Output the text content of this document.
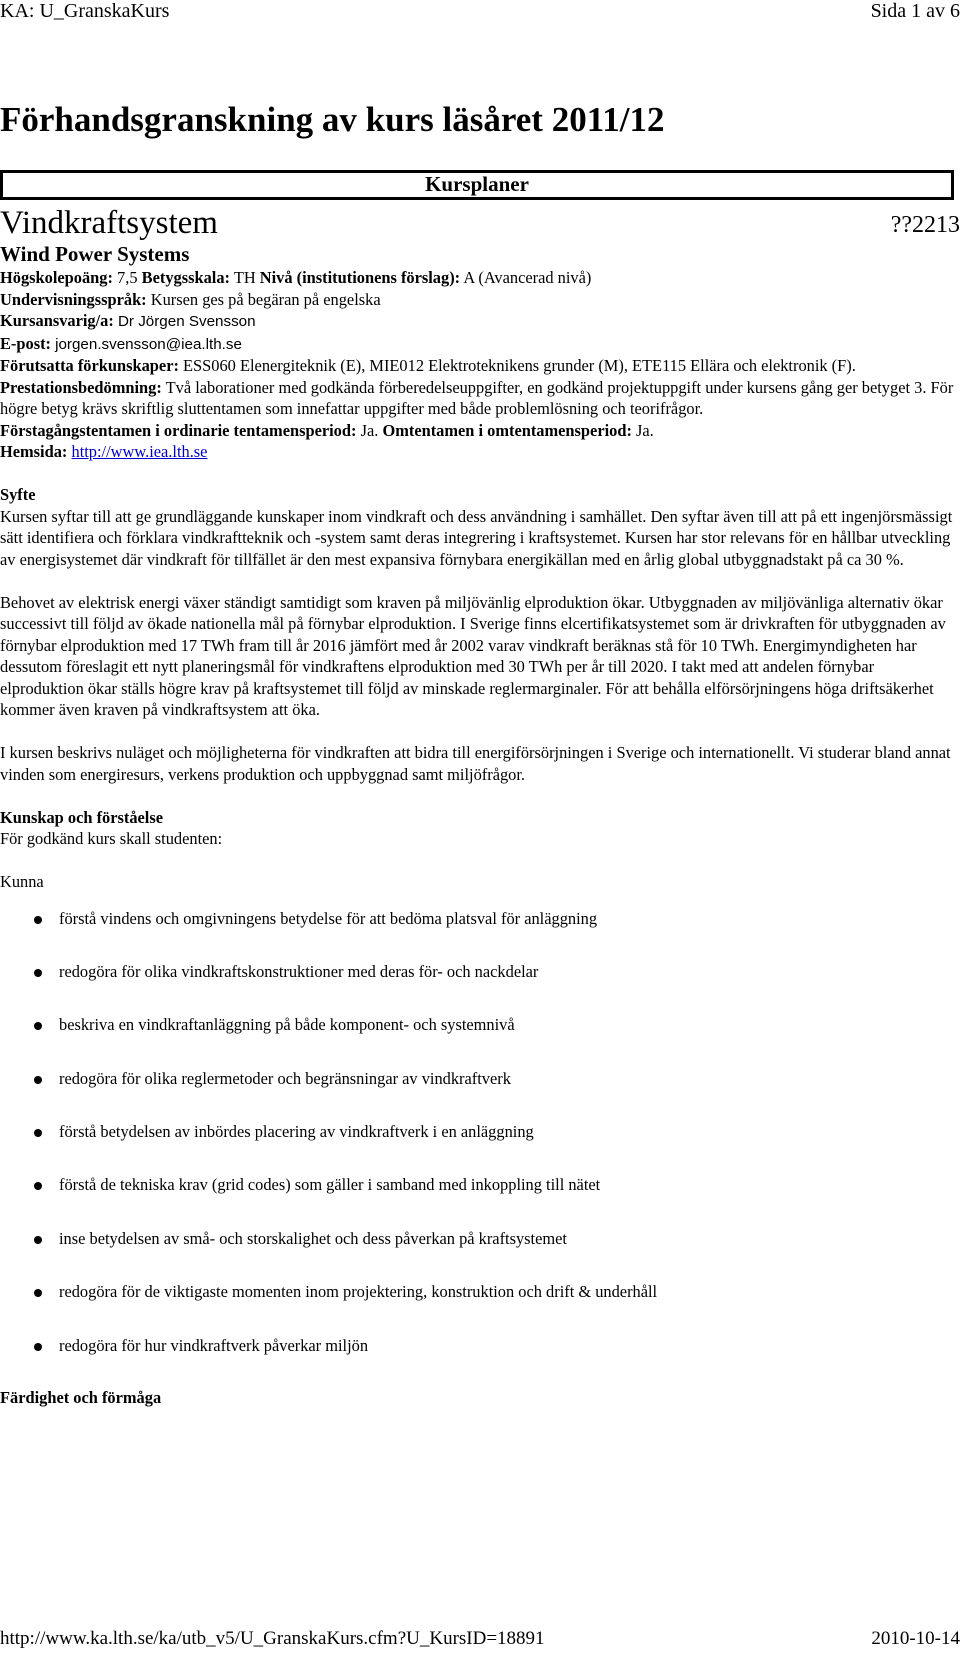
KA: U_GranskaKurs	Sida 1 av 6
Förhandsgranskning av kurs läsåret 2011/12
Kursplaner
Vindkraftsystem	??2213
Wind Power Systems

Högskolepoäng: 7,5 Betygsskala: TH Nivå (institutionens förslag): A (Avancerad nivå)

Undervisningsspråk: Kursen ges på begäran på engelska

Kursansvarig/a: Dr Jörgen Svensson

E-post: jorgen.svensson@iea.lth.se

Förutsatta förkunskaper: ESS060 Elenergiteknik (E), MIE012 Elektroteknikens grunder (M), ETE115 Ellära och elektronik (F).

Prestationsbedömning: Två laborationer med godkända förberedelseuppgifter, en godkänd projektuppgift under kursens gång ger betyget 3. För högre betyg krävs skriftlig sluttentamen som innefattar uppgifter med både problemlösning och teorifrågor.

Förstagångstentamen i ordinarie tentamensperiod: Ja. Omtentamen i omtentamensperiod: Ja.

Hemsida: http://www.iea.lth.se

Syfte

Kursen syftar till att ge grundläggande kunskaper inom vindkraft och dess användning i samhället. Den syftar även till att på ett ingenjörsmässigt sätt identifiera och förklara vindkraftteknik och -system samt deras integrering i kraftsystemet. Kursen har stor relevans för en hållbar utveckling av energisystemet där vindkraft för tillfället är den mest expansiva förnybara energikällan med en årlig global utbyggnadstakt på ca 30 %.

Behovet av elektrisk energi växer ständigt samtidigt som kraven på miljövänlig elproduktion ökar. Utbyggnaden av miljövänliga alternativ ökar successivt till följd av ökade nationella mål på förnybar elproduktion. I Sverige finns elcertifikatsystemet som är drivkraften för utbyggnaden av förnybar elproduktion med 17 TWh fram till år 2016 jämfört med år 2002 varav vindkraft beräknas stå för 10 TWh. Energimyndigheten har dessutom föreslagit ett nytt planeringsmål för vindkraftens elproduktion med 30 TWh per år till 2020. I takt med att andelen förnybar elproduktion ökar ställs högre krav på kraftsystemet till följd av minskade reglermarginaler. För att behålla elförsörjningens höga driftsäkerhet kommer även kraven på vindkraftsystem att öka.

I kursen beskrivs nuläget och möjligheterna för vindkraften att bidra till energiförsörjningen i Sverige och internationellt. Vi studerar bland annat vinden som energiresurs, verkens produktion och uppbyggnad samt miljöfrågor.

Kunskap och förståelse

För godkänd kurs skall studenten:

Kunna

förstå vindens och omgivningens betydelse för att bedöma platsval för anläggning
redogöra för olika vindkraftskonstruktioner med deras för- och nackdelar
beskriva en vindkraftanläggning på både komponent- och systemnivå
redogöra för olika reglermetoder och begränsningar av vindkraftverk
förstå betydelsen av inbördes placering av vindkraftverk i en anläggning
förstå de tekniska krav (grid codes) som gäller i samband med inkoppling till nätet
inse betydelsen av små- och storskalighet och dess påverkan på kraftsystemet
redogöra för de viktigaste momenten inom projektering, konstruktion och drift & underhåll
redogöra för hur vindkraftverk påverkar miljön

Färdighet och förmåga

http://www.ka.lth.se/ka/utb_v5/U_GranskaKurs.cfm?U_KursID=18891	2010-10-14
